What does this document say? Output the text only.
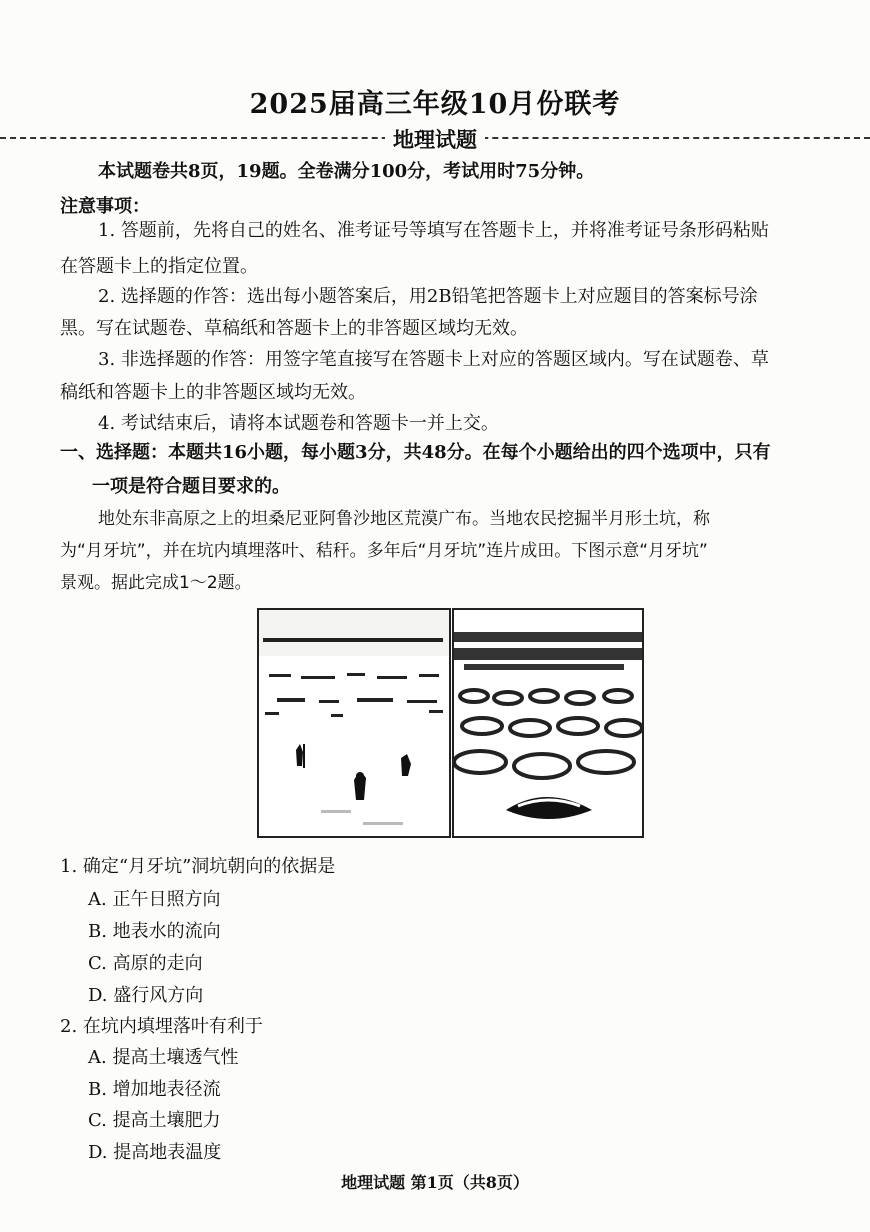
2025届高三年级10月份联考
地理试题
本试题卷共8页，19题。全卷满分100分，考试用时75分钟。
注意事项：
1. 答题前，先将自己的姓名、准考证号等填写在答题卡上，并将准考证号条形码粘贴
在答题卡上的指定位置。
2. 选择题的作答：选出每小题答案后，用2B铅笔把答题卡上对应题目的答案标号涂
黑。写在试题卷、草稿纸和答题卡上的非答题区域均无效。
3. 非选择题的作答：用签字笔直接写在答题卡上对应的答题区域内。写在试题卷、草
稿纸和答题卡上的非答题区域均无效。
4. 考试结束后，请将本试题卷和答题卡一并上交。
一、选择题：本题共16小题，每小题3分，共48分。在每个小题给出的四个选项中，只有
一项是符合题目要求的。
地处东非高原之上的坦桑尼亚阿鲁沙地区荒漠广布。当地农民挖掘半月形土坑，称
为“月牙坑”，并在坑内填埋落叶、秸秆。多年后“月牙坑”连片成田。下图示意“月牙坑”
景观。据此完成1～2题。
1. 确定“月牙坑”洞坑朝向的依据是
A. 正午日照方向
B. 地表水的流向
C. 高原的走向
D. 盛行风方向
2. 在坑内填埋落叶有利于
A. 提高土壤透气性
B. 增加地表径流
C. 提高土壤肥力
D. 提高地表温度
地理试题 第1页（共8页）
